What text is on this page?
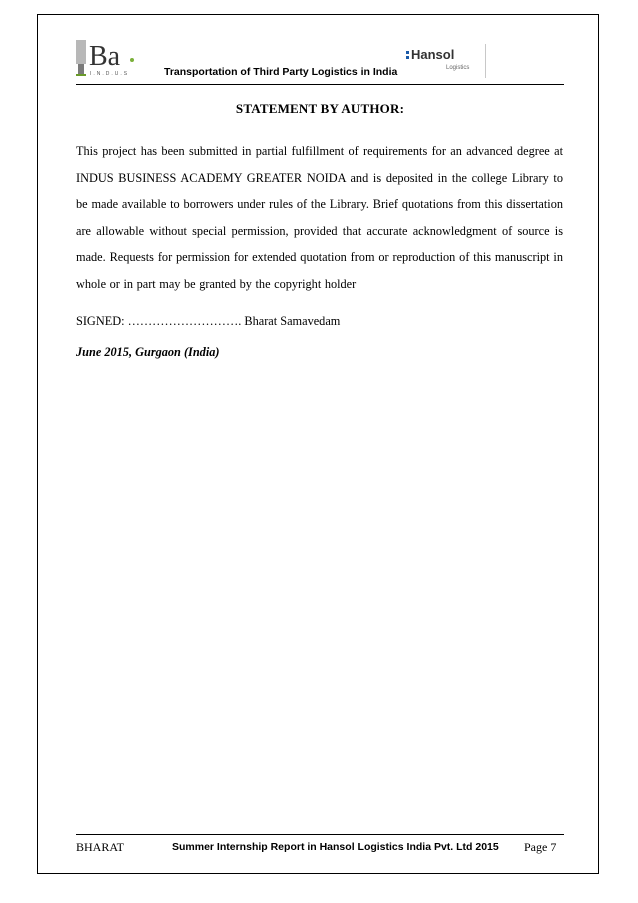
Ba
I.N.D.U.S
Hansol
Logistics
Transportation of Third Party Logistics in India
STATEMENT BY AUTHOR:
This project has been submitted in partial fulfillment of requirements for an advanced degree at INDUS BUSINESS ACADEMY GREATER NOIDA and is deposited in the college Library to be made available to borrowers under rules of the Library. Brief quotations from this dissertation are allowable without special permission, provided that accurate acknowledgment of source is made. Requests for permission for extended quotation from or reproduction of this manuscript in whole or in part may be granted by the copyright holder
SIGNED: ………………………. Bharat Samavedam
June 2015, Gurgaon (India)
BHARAT	Summer Internship Report in Hansol Logistics India Pvt. Ltd 2015 Page 7
